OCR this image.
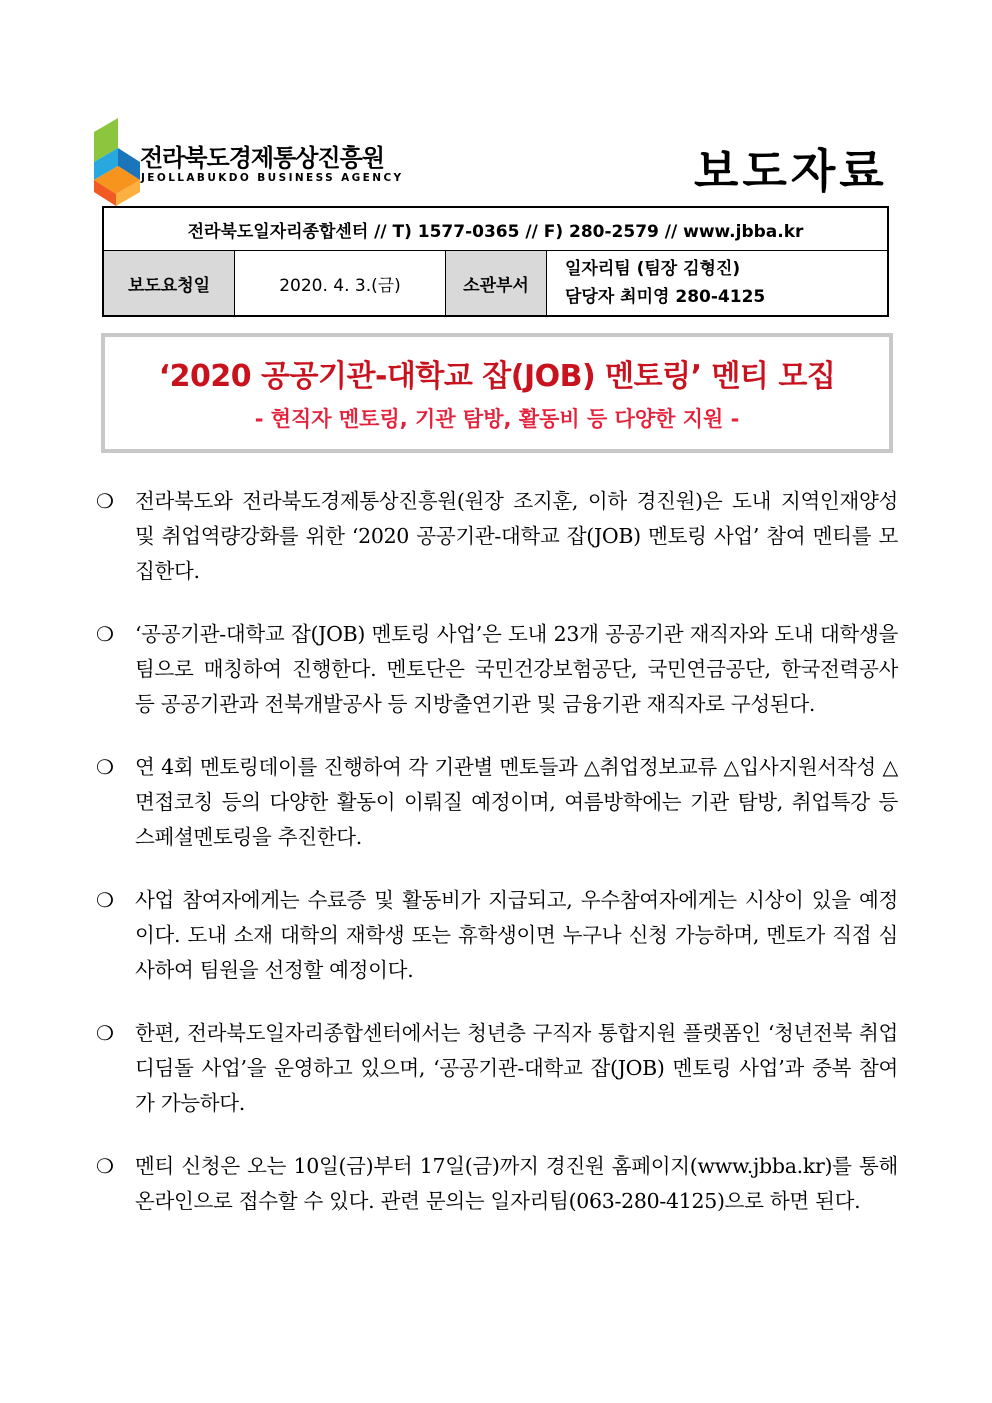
전라북도경제통상진흥원
JEOLLABUKDO BUSINESS AGENCY	보도자료
전라북도일자리종합센터 // T) 1577-0365 // F) 280-2579 // www.jbba.kr
보도요청일	2020. 4. 3.(금)	소관부서	
일자리팀 (팀장 김형진)
담당자 최미영 280-4125
‘2020 공공기관-대학교 잡(JOB) 멘토링’ 멘티 모집
- 현직자 멘토링, 기관 탐방, 활동비 등 다양한 지원 -
❍ 전라북도와 전라북도경제통상진흥원(원장 조지훈, 이하 경진원)은 도내 지역인재양성 및 취업역량강화를 위한 ‘2020 공공기관-대학교 잡(JOB) 멘토링 사업’ 참여 멘티를 모집한다.
❍ ‘공공기관-대학교 잡(JOB) 멘토링 사업’은 도내 23개 공공기관 재직자와 도내 대학생을 팀으로 매칭하여 진행한다. 멘토단은 국민건강보험공단, 국민연금공단, 한국전력공사 등 공공기관과 전북개발공사 등 지방출연기관 및 금융기관 재직자로 구성된다.
❍ 연 4회 멘토링데이를 진행하여 각 기관별 멘토들과 △취업정보교류 △입사지원서작성 △면접코칭 등의 다양한 활동이 이뤄질 예정이며, 여름방학에는 기관 탐방, 취업특강 등 스페셜멘토링을 추진한다.
❍ 사업 참여자에게는 수료증 및 활동비가 지급되고, 우수참여자에게는 시상이 있을 예정이다. 도내 소재 대학의 재학생 또는 휴학생이면 누구나 신청 가능하며, 멘토가 직접 심사하여 팀원을 선정할 예정이다.
❍ 한편, 전라북도일자리종합센터에서는 청년층 구직자 통합지원 플랫폼인 ‘청년전북 취업디딤돌 사업’을 운영하고 있으며, ‘공공기관-대학교 잡(JOB) 멘토링 사업’과 중복 참여가 가능하다.
❍ 멘티 신청은 오는 10일(금)부터 17일(금)까지 경진원 홈페이지(www.jbba.kr)를 통해 온라인으로 접수할 수 있다. 관련 문의는 일자리팀(063-280-4125)으로 하면 된다.
